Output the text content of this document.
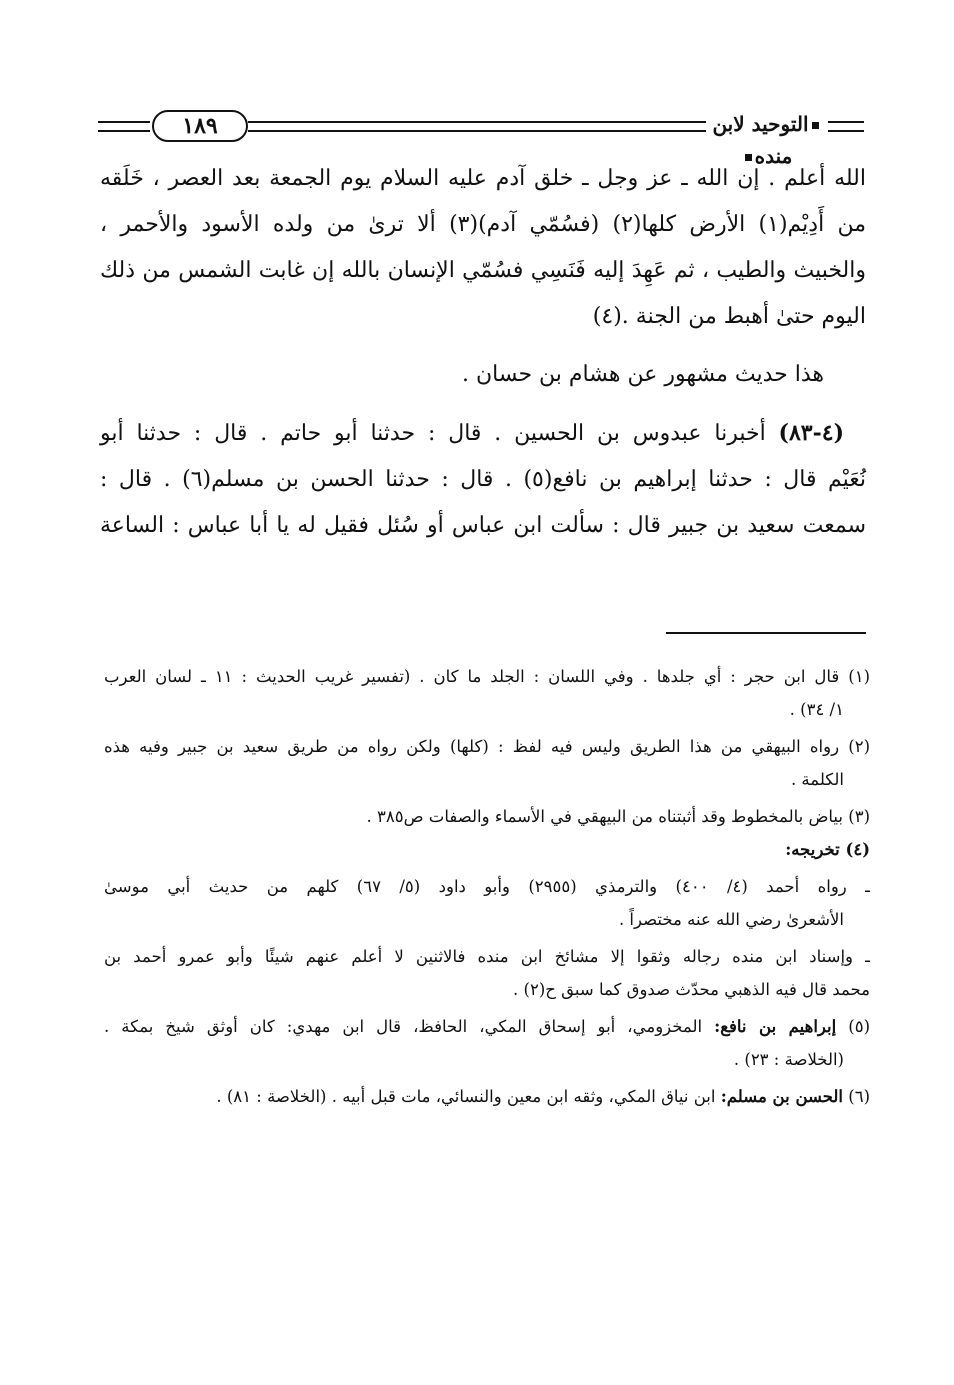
١٨٩	التوحيد لابن منده
الله أعلم . إن الله ـ عز وجل ـ خلق آدم عليه السلام يوم الجمعة بعد العصر ، خَلَقه
من أَدِيْم(١) الأرض كلها(٢) (فسُمّي آدم)(٣) ألا ترىٰ من ولده الأسود والأحمر ،
والخبيث والطيب ، ثم عَهِدَ إليه فَنَسِي فسُمّي الإنسان بالله إن غابت الشمس من ذلك
اليوم حتىٰ أهبط من الجنة .(٤)
هذا حديث مشهور عن هشام بن حسان .
(٤-٨٣) أخبرنا عبدوس بن الحسين . قال : حدثنا أبو حاتم . قال : حدثنا أبو
نُعَيْم قال : حدثنا إبراهيم بن نافع(٥) . قال : حدثنا الحسن بن مسلم(٦) . قال :
سمعت سعيد بن جبير قال : سألت ابن عباس أو سُئل فقيل له يا أبا عباس : الساعة
(١) قال ابن حجر : أي جلدها . وفي اللسان : الجلد ما كان . (تفسير غريب الحديث : ١١ ـ لسان العرب
١/ ٣٤) .
(٢) رواه البيهقي من هذا الطريق وليس فيه لفظ : (كلها) ولكن رواه من طريق سعيد بن جبير وفيه هذه
الكلمة .
(٣) بياض بالمخطوط وقد أثبتناه من البيهقي في الأسماء والصفات ص٣٨٥ .
(٤) تخريجه:
ـ رواه أحمد (٤/ ٤٠٠) والترمذي (٢٩٥٥) وأبو داود (٥/ ٦٧) كلهم من حديث أبي موسىٰ
الأشعرىٰ رضي الله عنه مختصراً .
ـ وإسناد ابن منده رجاله وثقوا إلا مشائخ ابن منده فالاثنين لا أعلم عنهم شيئًا وأبو عمرو أحمد بن
محمد قال فيه الذهبي محدّث صدوق كما سبق ح(٢) .
(٥) إبراهيم بن نافع: المخزومي، أبو إسحاق المكي، الحافظ، قال ابن مهدي: كان أوثق شيخ بمكة .
(الخلاصة : ٢٣) .
(٦) الحسن بن مسلم: ابن نياق المكي، وثقه ابن معين والنسائي، مات قبل أبيه . (الخلاصة : ٨١) .
